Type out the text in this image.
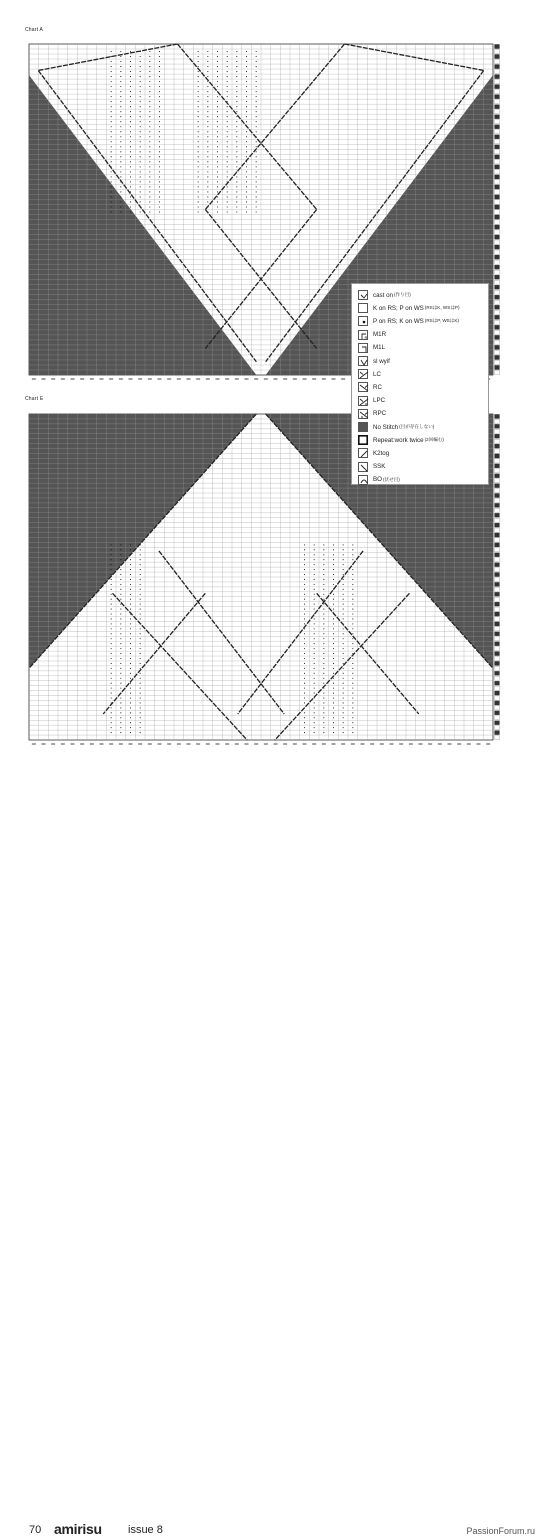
Chart A
Chart E
cast on (作り目)
K on RS; P on WS (RSはK, WSはP)
P on RS; K on WS (RSはP, WSはK)
R M1R
M1L
sl wyif
LC
RC
LPC
RPC
No Stitch (目が存在しない)
Repeat:work twice (2回編む)
K2tog
SSK
BO (伏せ目)
70 amirisu issue 8	PassionForum.ru
